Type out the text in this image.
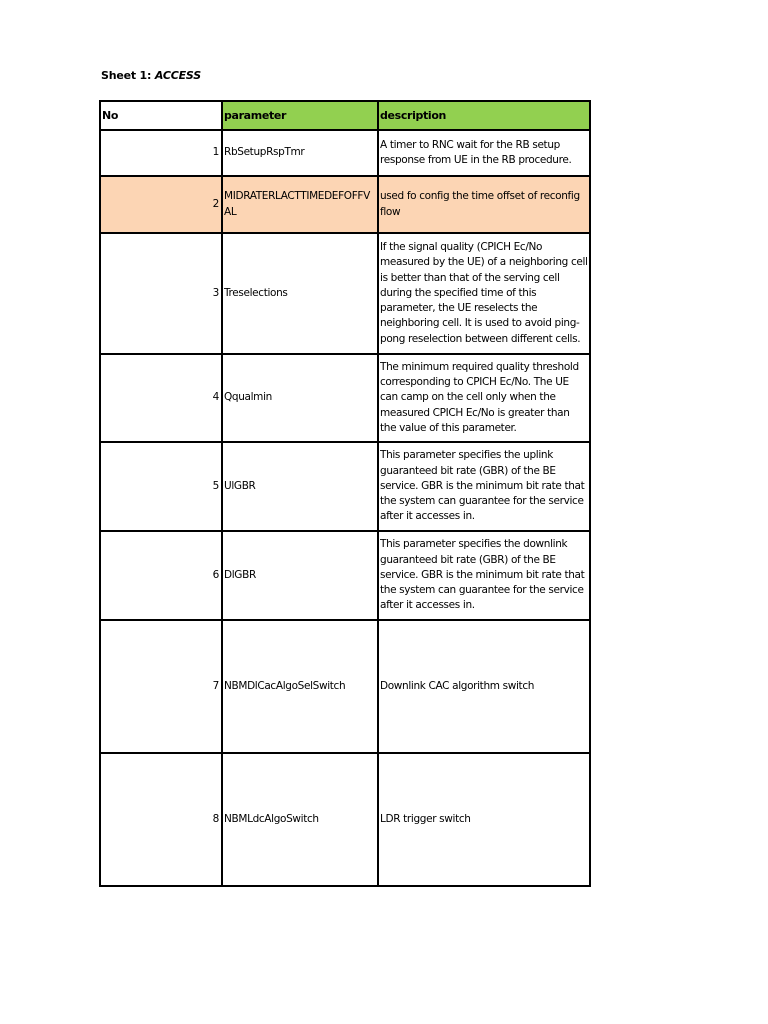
Sheet 1: ACCESS
No	parameter	description
1	RbSetupRspTmr	A timer to RNC wait for the RB setup response from UE in the RB procedure.

2	MIDRATERLACTTIMEDEFOFFVAL	used fo config the time offset of reconfig flow

3	Treselections	If the signal quality (CPICH Ec/No measured by the UE) of a neighboring cell is better than that of the serving cell during the specified time of this parameter, the UE reselects the neighboring cell. It is used to avoid ping-pong reselection between different cells.

4	Qqualmin	The minimum required quality threshold corresponding to CPICH Ec/No. The UE can camp on the cell only when the measured CPICH Ec/No is greater than the value of this parameter.

5	UlGBR	This parameter specifies the uplink guaranteed bit rate (GBR) of the BE service. GBR is the minimum bit rate that the system can guarantee for the service after it accesses in.

6	DlGBR	This parameter specifies the downlink guaranteed bit rate (GBR) of the BE service. GBR is the minimum bit rate that the system can guarantee for the service after it accesses in.

7	NBMDlCacAlgoSelSwitch	Downlink CAC algorithm switch

8	NBMLdcAlgoSwitch	LDR trigger switch
